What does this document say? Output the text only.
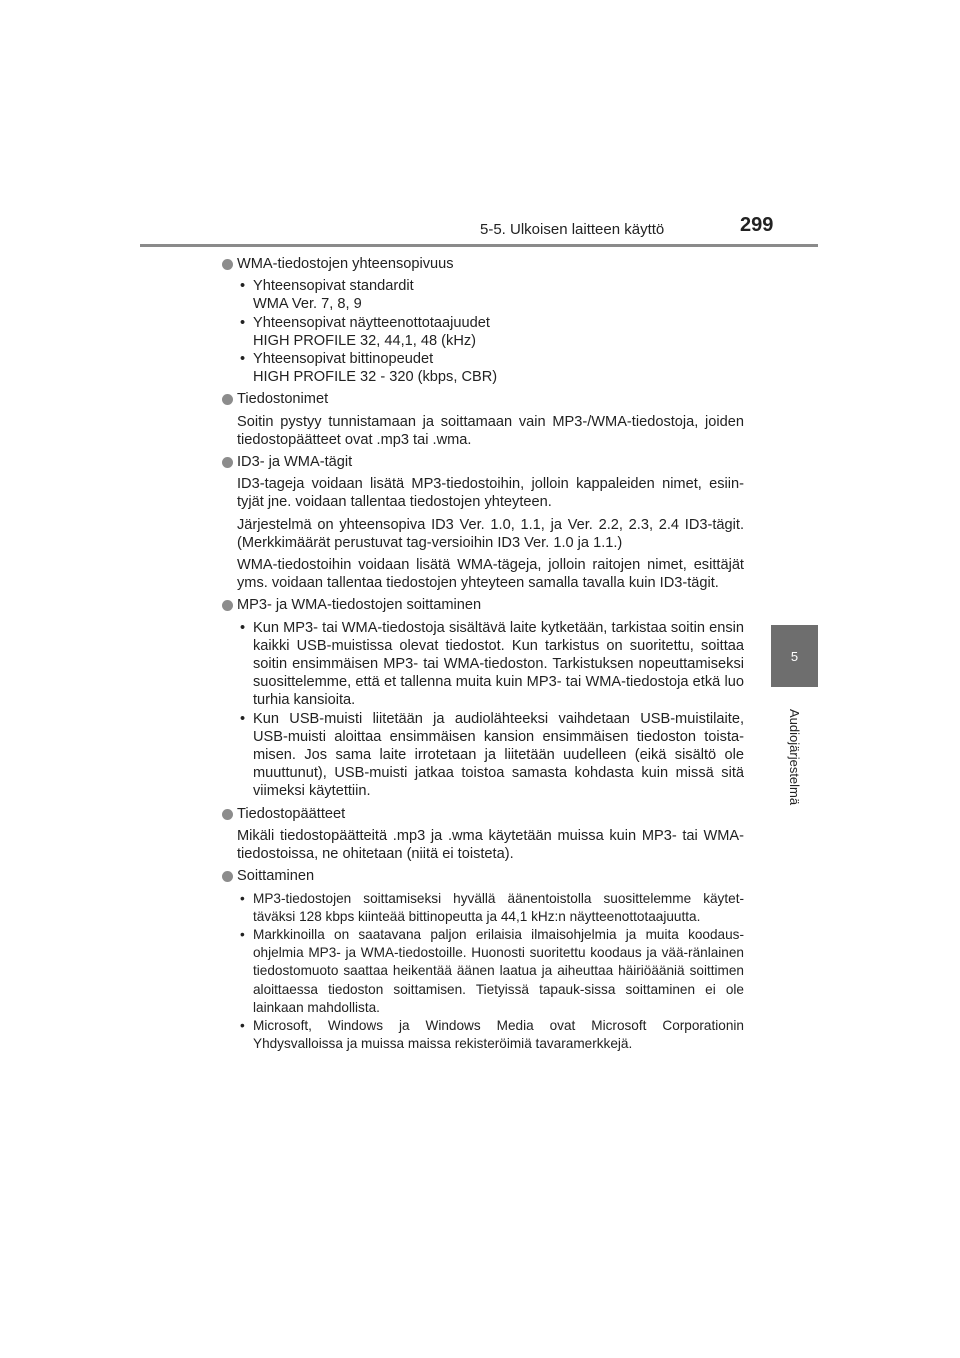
5-5. Ulkoisen laitteen käyttö	299
5
Audiojärjestelmä
WMA-tiedostojen yhteensopivuus
• Yhteensopivat standardit
WMA Ver. 7, 8, 9
• Yhteensopivat näytteenottotaajuudet
HIGH PROFILE 32, 44,1, 48 (kHz)
• Yhteensopivat bittinopeudet
HIGH PROFILE 32 - 320 (kbps, CBR)
Tiedostonimet

Soitin pystyy tunnistamaan ja soittamaan vain MP3-/WMA-tiedostoja, joiden tiedostopäätteet ovat .mp3 tai .wma.

ID3- ja WMA-tägit

ID3-tageja voidaan lisätä MP3-tiedostoihin, jolloin kappaleiden nimet, esiin-tyjät jne. voidaan tallentaa tiedostojen yhteyteen.

Järjestelmä on yhteensopiva ID3 Ver. 1.0, 1.1, ja Ver. 2.2, 2.3, 2.4 ID3-tägit. (Merkkimäärät perustuvat tag-versioihin ID3 Ver. 1.0 ja 1.1.)

WMA-tiedostoihin voidaan lisätä WMA-tägeja, jolloin raitojen nimet, esittäjät yms. voidaan tallentaa tiedostojen yhteyteen samalla tavalla kuin ID3-tägit.

MP3- ja WMA-tiedostojen soittaminen
• Kun MP3- tai WMA-tiedostoja sisältävä laite kytketään, tarkistaa soitin ensin kaikki USB-muistissa olevat tiedostot. Kun tarkistus on suoritettu, soittaa soitin ensimmäisen MP3- tai WMA-tiedoston. Tarkistuksen nopeuttamiseksi suosittelemme, että et tallenna muita kuin MP3- tai WMA-tiedostoja etkä luo turhia kansioita.
• Kun USB-muisti liitetään ja audiolähteeksi vaihdetaan USB-muistilaite, USB-muisti aloittaa ensimmäisen kansion ensimmäisen tiedoston toista-misen. Jos sama laite irrotetaan ja liitetään uudelleen (eikä sisältö ole muuttunut), USB-muisti jatkaa toistoa samasta kohdasta kuin missä sitä viimeksi käytettiin.
Tiedostopäätteet

Mikäli tiedostopäätteitä .mp3 ja .wma käytetään muissa kuin MP3- tai WMA-tiedostoissa, ne ohitetaan (niitä ei toisteta).

Soittaminen
• MP3-tiedostojen soittamiseksi hyvällä äänentoistolla suosittelemme käytet-täväksi 128 kbps kiinteää bittinopeutta ja 44,1 kHz:n näytteenottotaajuutta.
• Markkinoilla on saatavana paljon erilaisia ilmaisohjelmia ja muita koodaus-ohjelmia MP3- ja WMA-tiedostoille. Huonosti suoritettu koodaus ja vää-ränlainen tiedostomuoto saattaa heikentää äänen laatua ja aiheuttaa häiriöääniä soittimen aloittaessa tiedoston soittamisen. Tietyissä tapauk-sissa soittaminen ei ole lainkaan mahdollista.
• Microsoft, Windows ja Windows Media ovat Microsoft Corporationin Yhdysvalloissa ja muissa maissa rekisteröimiä tavaramerkkejä.
